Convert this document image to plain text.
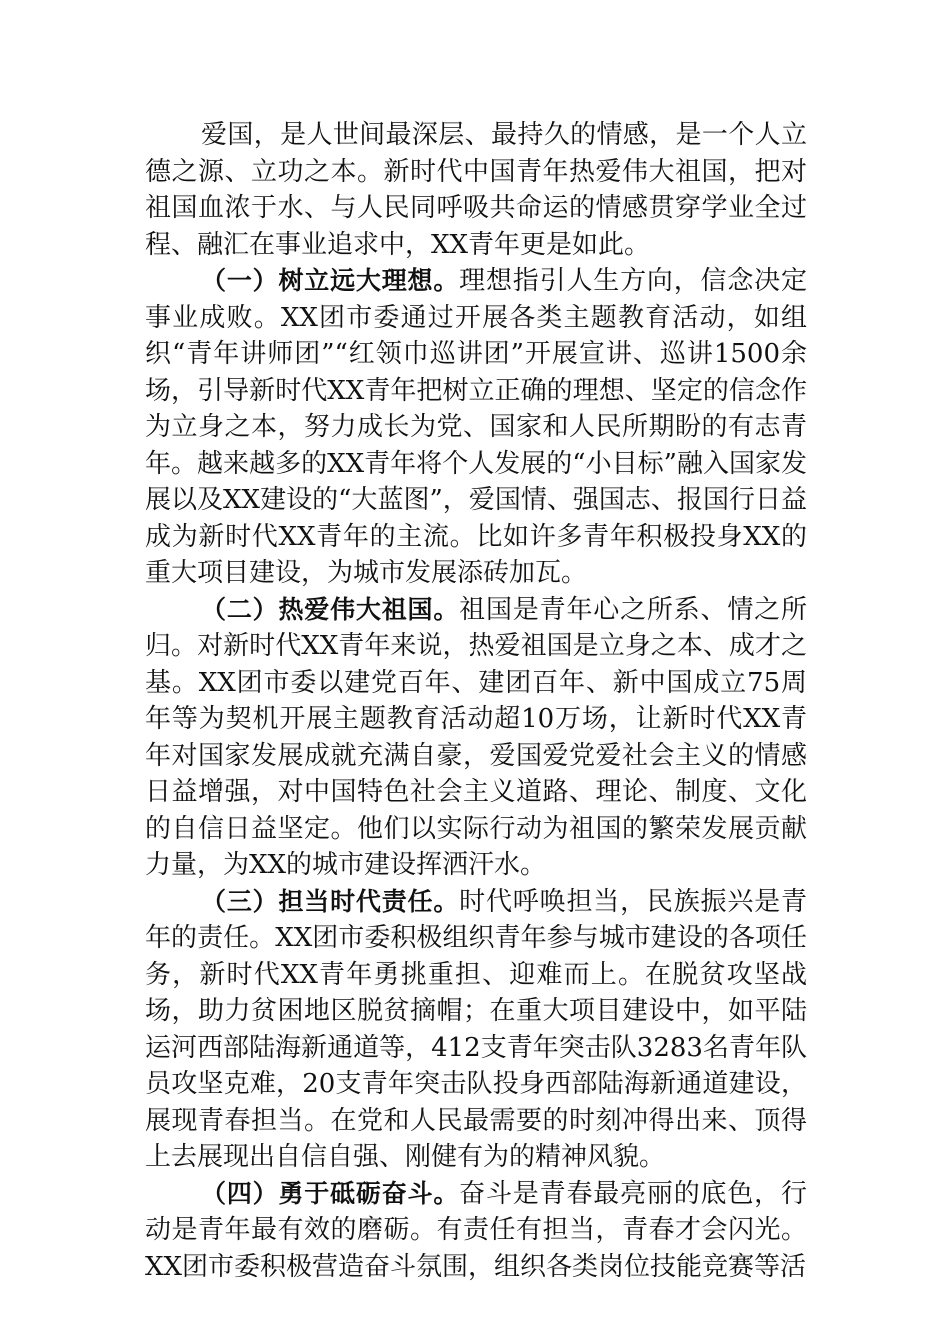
爱国，是人世间最深层、最持久的情感，是一个人立德之源、立功之本。新时代中国青年热爱伟大祖国，把对祖国血浓于水、与人民同呼吸共命运的情感贯穿学业全过程、融汇在事业追求中，XX青年更是如此。

（一）树立远大理想。理想指引人生方向，信念决定事业成败。XX团市委通过开展各类主题教育活动，如组织“青年讲师团”“红领巾巡讲团”开展宣讲、巡讲1500余场，引导新时代XX青年把树立正确的理想、坚定的信念作为立身之本，努力成长为党、国家和人民所期盼的有志青年。越来越多的XX青年将个人发展的“小目标”融入国家发展以及XX建设的“大蓝图”，爱国情、强国志、报国行日益成为新时代XX青年的主流。比如许多青年积极投身XX的重大项目建设，为城市发展添砖加瓦。

（二）热爱伟大祖国。祖国是青年心之所系、情之所归。对新时代XX青年来说，热爱祖国是立身之本、成才之基。XX团市委以建党百年、建团百年、新中国成立75周年等为契机开展主题教育活动超10万场，让新时代XX青年对国家发展成就充满自豪，爱国爱党爱社会主义的情感日益增强，对中国特色社会主义道路、理论、制度、文化的自信日益坚定。他们以实际行动为祖国的繁荣发展贡献力量，为XX的城市建设挥洒汗水。

（三）担当时代责任。时代呼唤担当，民族振兴是青年的责任。XX团市委积极组织青年参与城市建设的各项任务，新时代XX青年勇挑重担、迎难而上。在脱贫攻坚战场，助力贫困地区脱贫摘帽；在重大项目建设中，如平陆运河西部陆海新通道等，412支青年突击队3283名青年队员攻坚克难，20支青年突击队投身西部陆海新通道建设，展现青春担当。在党和人民最需要的时刻冲得出来、顶得上去展现出自信自强、刚健有为的精神风貌。

（四）勇于砥砺奋斗。奋斗是青春最亮丽的底色，行动是青年最有效的磨砺。有责任有担当，青春才会闪光。XX团市委积极营造奋斗氛围，组织各类岗位技能竞赛等活
